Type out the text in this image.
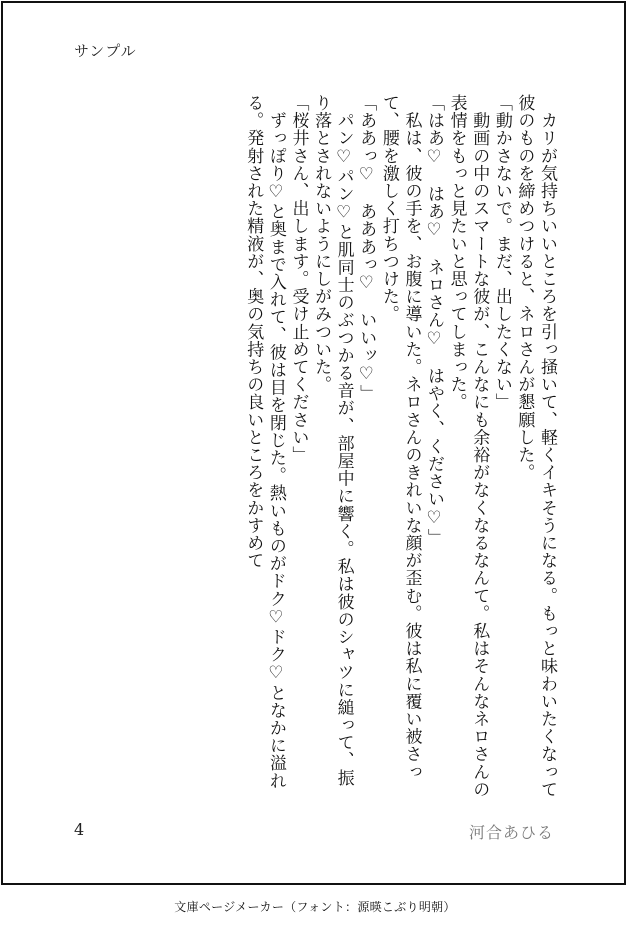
サンプル

　カリが気持ちいいところを引っ掻いて、軽くイキそうになる。もっと味わいたくなって彼のものを締めつけると、ネロさんが懇願した。

「動かさないで。まだ、出したくない」

　動画の中のスマートな彼が、こんなにも余裕がなくなるなんて。私はそんなネロさんの表情をもっと見たいと思ってしまった。

「はあ♡　はあ♡　ネロさん♡　はやく、ください♡」

　私は、彼の手を、お腹に導いた。ネロさんのきれいな顔が歪む。彼は私に覆い被さって、腰を激しく打ちつけた。

「ああっ♡　あああっ♡　いいッ♡」

　パン♡パン♡と肌同士のぶつかる音が、部屋中に響く。私は彼のシャツに縋って、振り落とされないようにしがみついた。

「桜井さん、出します。受け止めてください」

　ずっぽり♡と奥まで入れて、彼は目を閉じた。熱いものがドク♡ドク♡となかに溢れる。発射された精液が、奥の気持ちの良いところをかすめて

4	河合あひる
文庫ページメーカー（フォント：源暎こぶり明朝）
